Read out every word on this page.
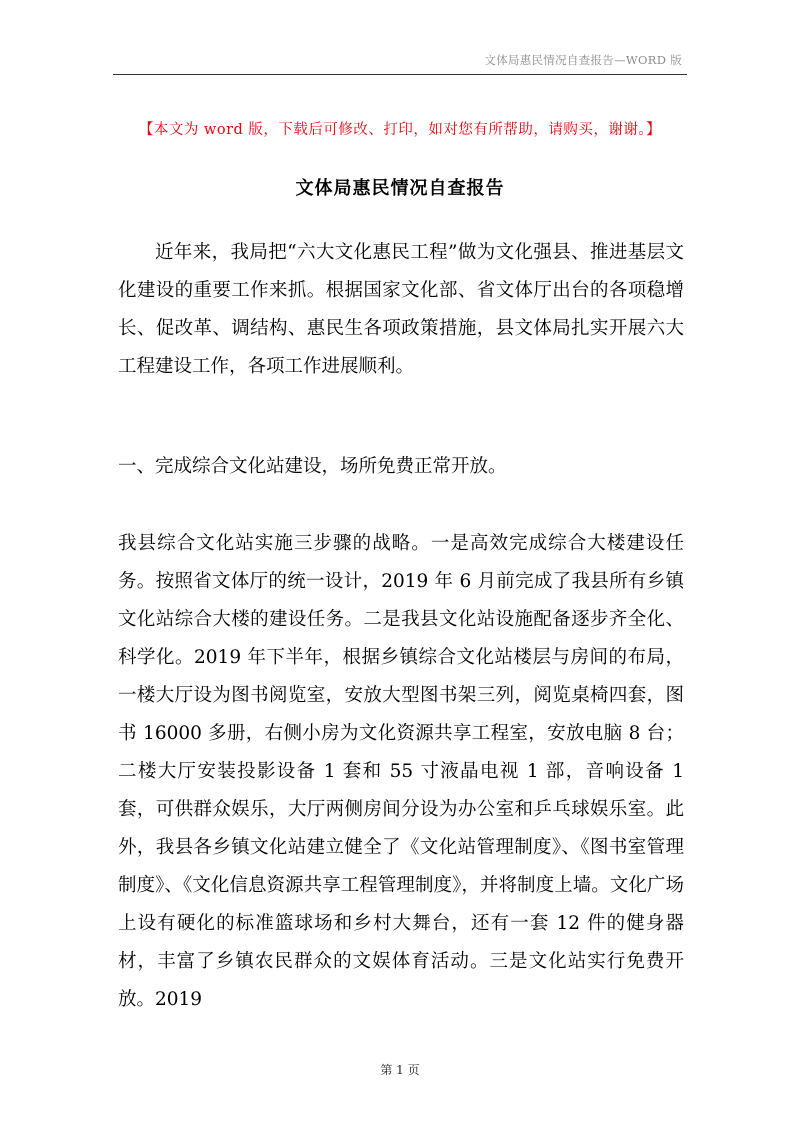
文体局惠民情况自查报告—WORD 版
【本文为 word 版，下载后可修改、打印，如对您有所帮助，请购买，谢谢。】
文体局惠民情况自查报告

近年来，我局把“六大文化惠民工程”做为文化强县、推进基层文化建设的重要工作来抓。根据国家文化部、省文体厅出台的各项稳增长、促改革、调结构、惠民生各项政策措施，县文体局扎实开展六大工程建设工作，各项工作进展顺利。

一、完成综合文化站建设，场所免费正常开放。

我县综合文化站实施三步骤的战略。一是高效完成综合大楼建设任务。按照省文体厅的统一设计，2019 年 6 月前完成了我县所有乡镇文化站综合大楼的建设任务。二是我县文化站设施配备逐步齐全化、科学化。2019 年下半年，根据乡镇综合文化站楼层与房间的布局，一楼大厅设为图书阅览室，安放大型图书架三列，阅览桌椅四套，图书 16000 多册，右侧小房为文化资源共享工程室，安放电脑 8 台；二楼大厅安装投影设备 1 套和 55 寸液晶电视 1 部，音响设备 1 套，可供群众娱乐，大厅两侧房间分设为办公室和乒乓球娱乐室。此外，我县各乡镇文化站建立健全了《文化站管理制度》、《图书室管理制度》、《文化信息资源共享工程管理制度》，并将制度上墙。文化广场上设有硬化的标准篮球场和乡村大舞台，还有一套 12 件的健身器材，丰富了乡镇农民群众的文娱体育活动。三是文化站实行免费开放。2019

第 1 页
